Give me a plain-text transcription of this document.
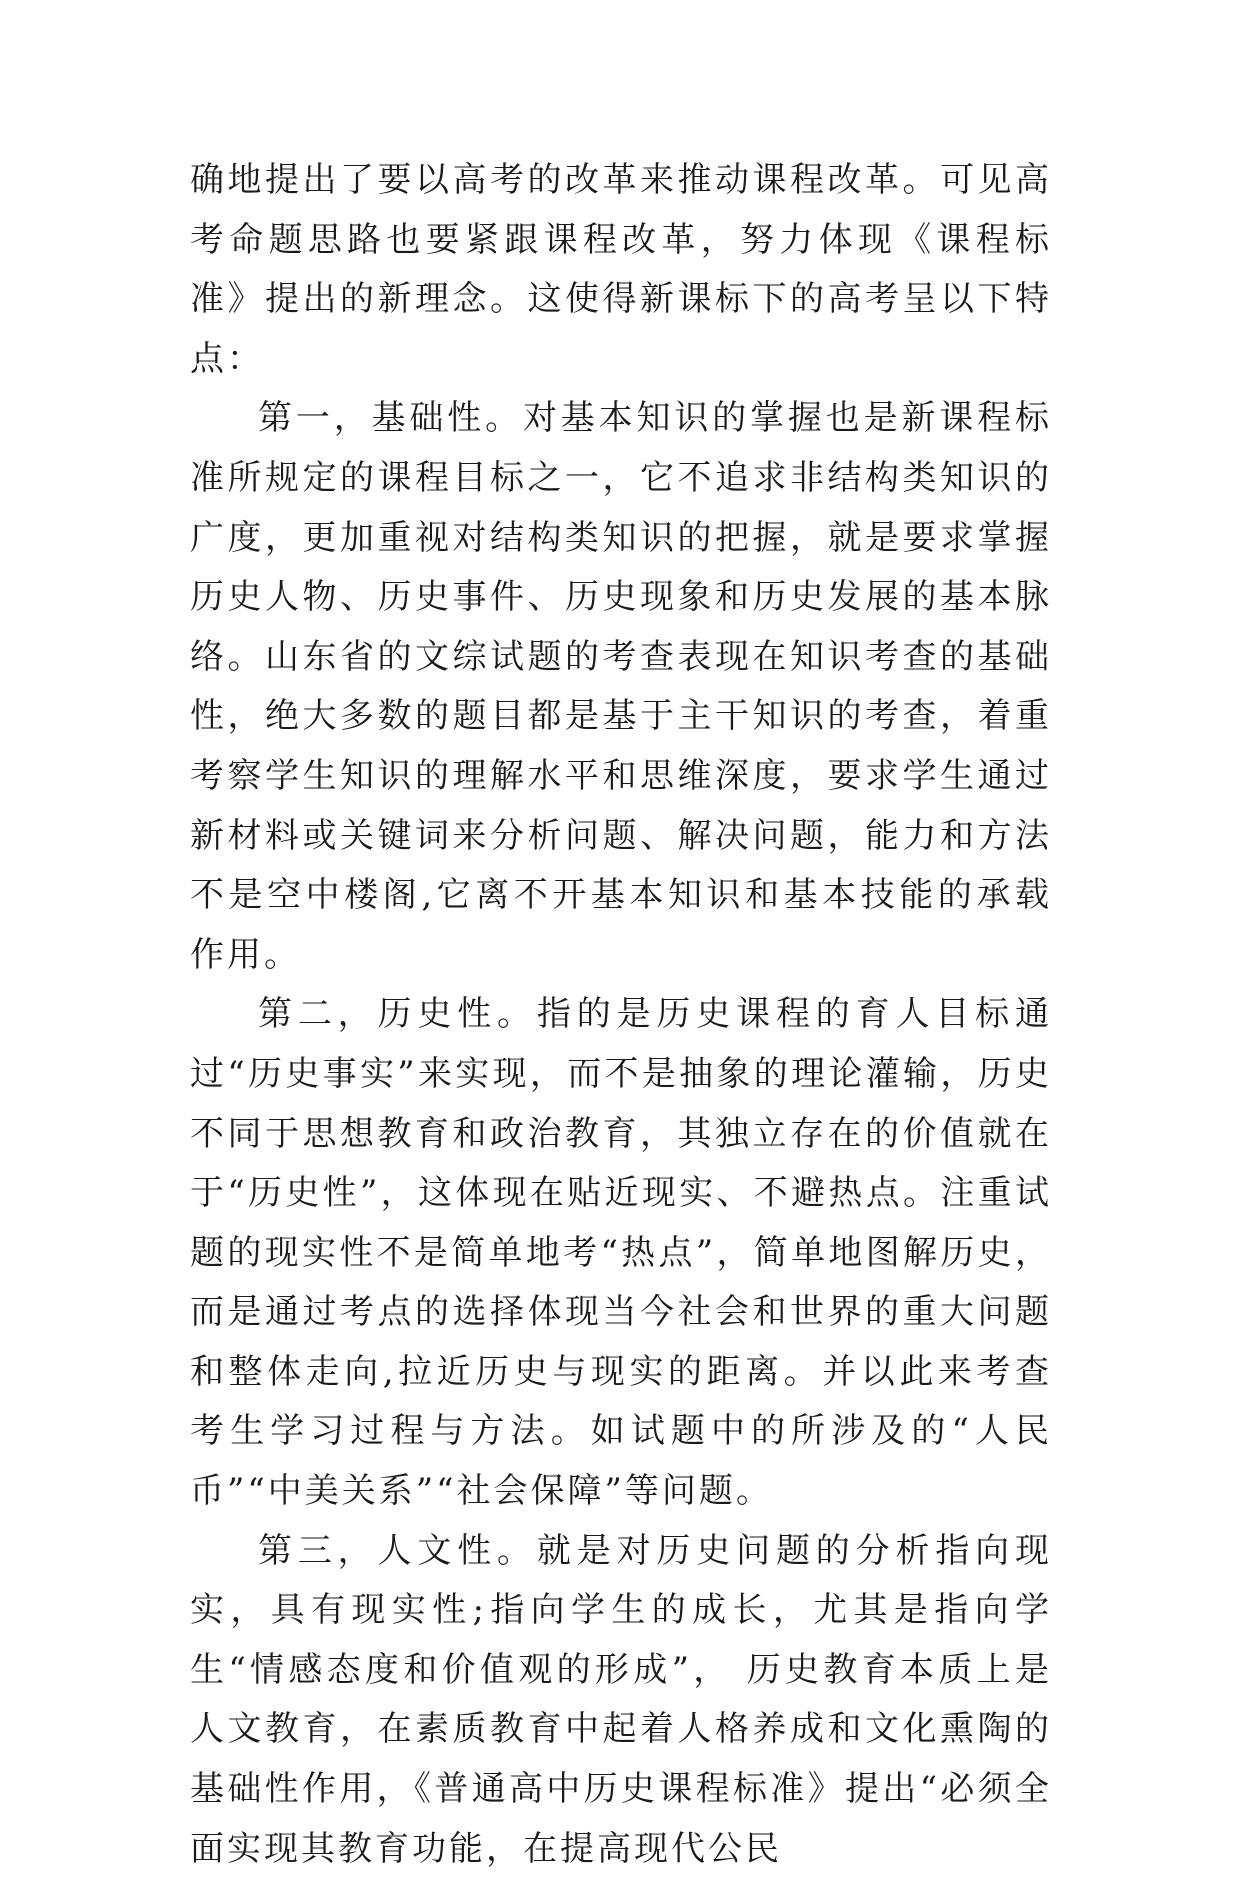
确地提出了要以高考的改革来推动课程改革。可见高考命题思路也要紧跟课程改革，努力体现《课程标准》提出的新理念。这使得新课标下的高考呈以下特点：

第一，基础性。对基本知识的掌握也是新课程标准所规定的课程目标之一，它不追求非结构类知识的广度，更加重视对结构类知识的把握，就是要求掌握历史人物、历史事件、历史现象和历史发展的基本脉络。山东省的文综试题的考查表现在知识考查的基础性，绝大多数的题目都是基于主干知识的考查，着重考察学生知识的理解水平和思维深度，要求学生通过新材料或关键词来分析问题、解决问题，能力和方法不是空中楼阁,它离不开基本知识和基本技能的承载作用。

第二，历史性。指的是历史课程的育人目标通过“历史事实”来实现，而不是抽象的理论灌输，历史不同于思想教育和政治教育，其独立存在的价值就在于“历史性”，这体现在贴近现实、不避热点。注重试题的现实性不是简单地考“热点”，简单地图解历史，而是通过考点的选择体现当今社会和世界的重大问题和整体走向,拉近历史与现实的距离。并以此来考查考生学习过程与方法。如试题中的所涉及的“人民币”“中美关系”“社会保障”等问题。

第三，人文性。就是对历史问题的分析指向现实，具有现实性;指向学生的成长，尤其是指向学生“情感态度和价值观的形成”， 历史教育本质上是人文教育，在素质教育中起着人格养成和文化熏陶的基础性作用，《普通高中历史课程标准》提出“必须全面实现其教育功能，在提高现代公民
